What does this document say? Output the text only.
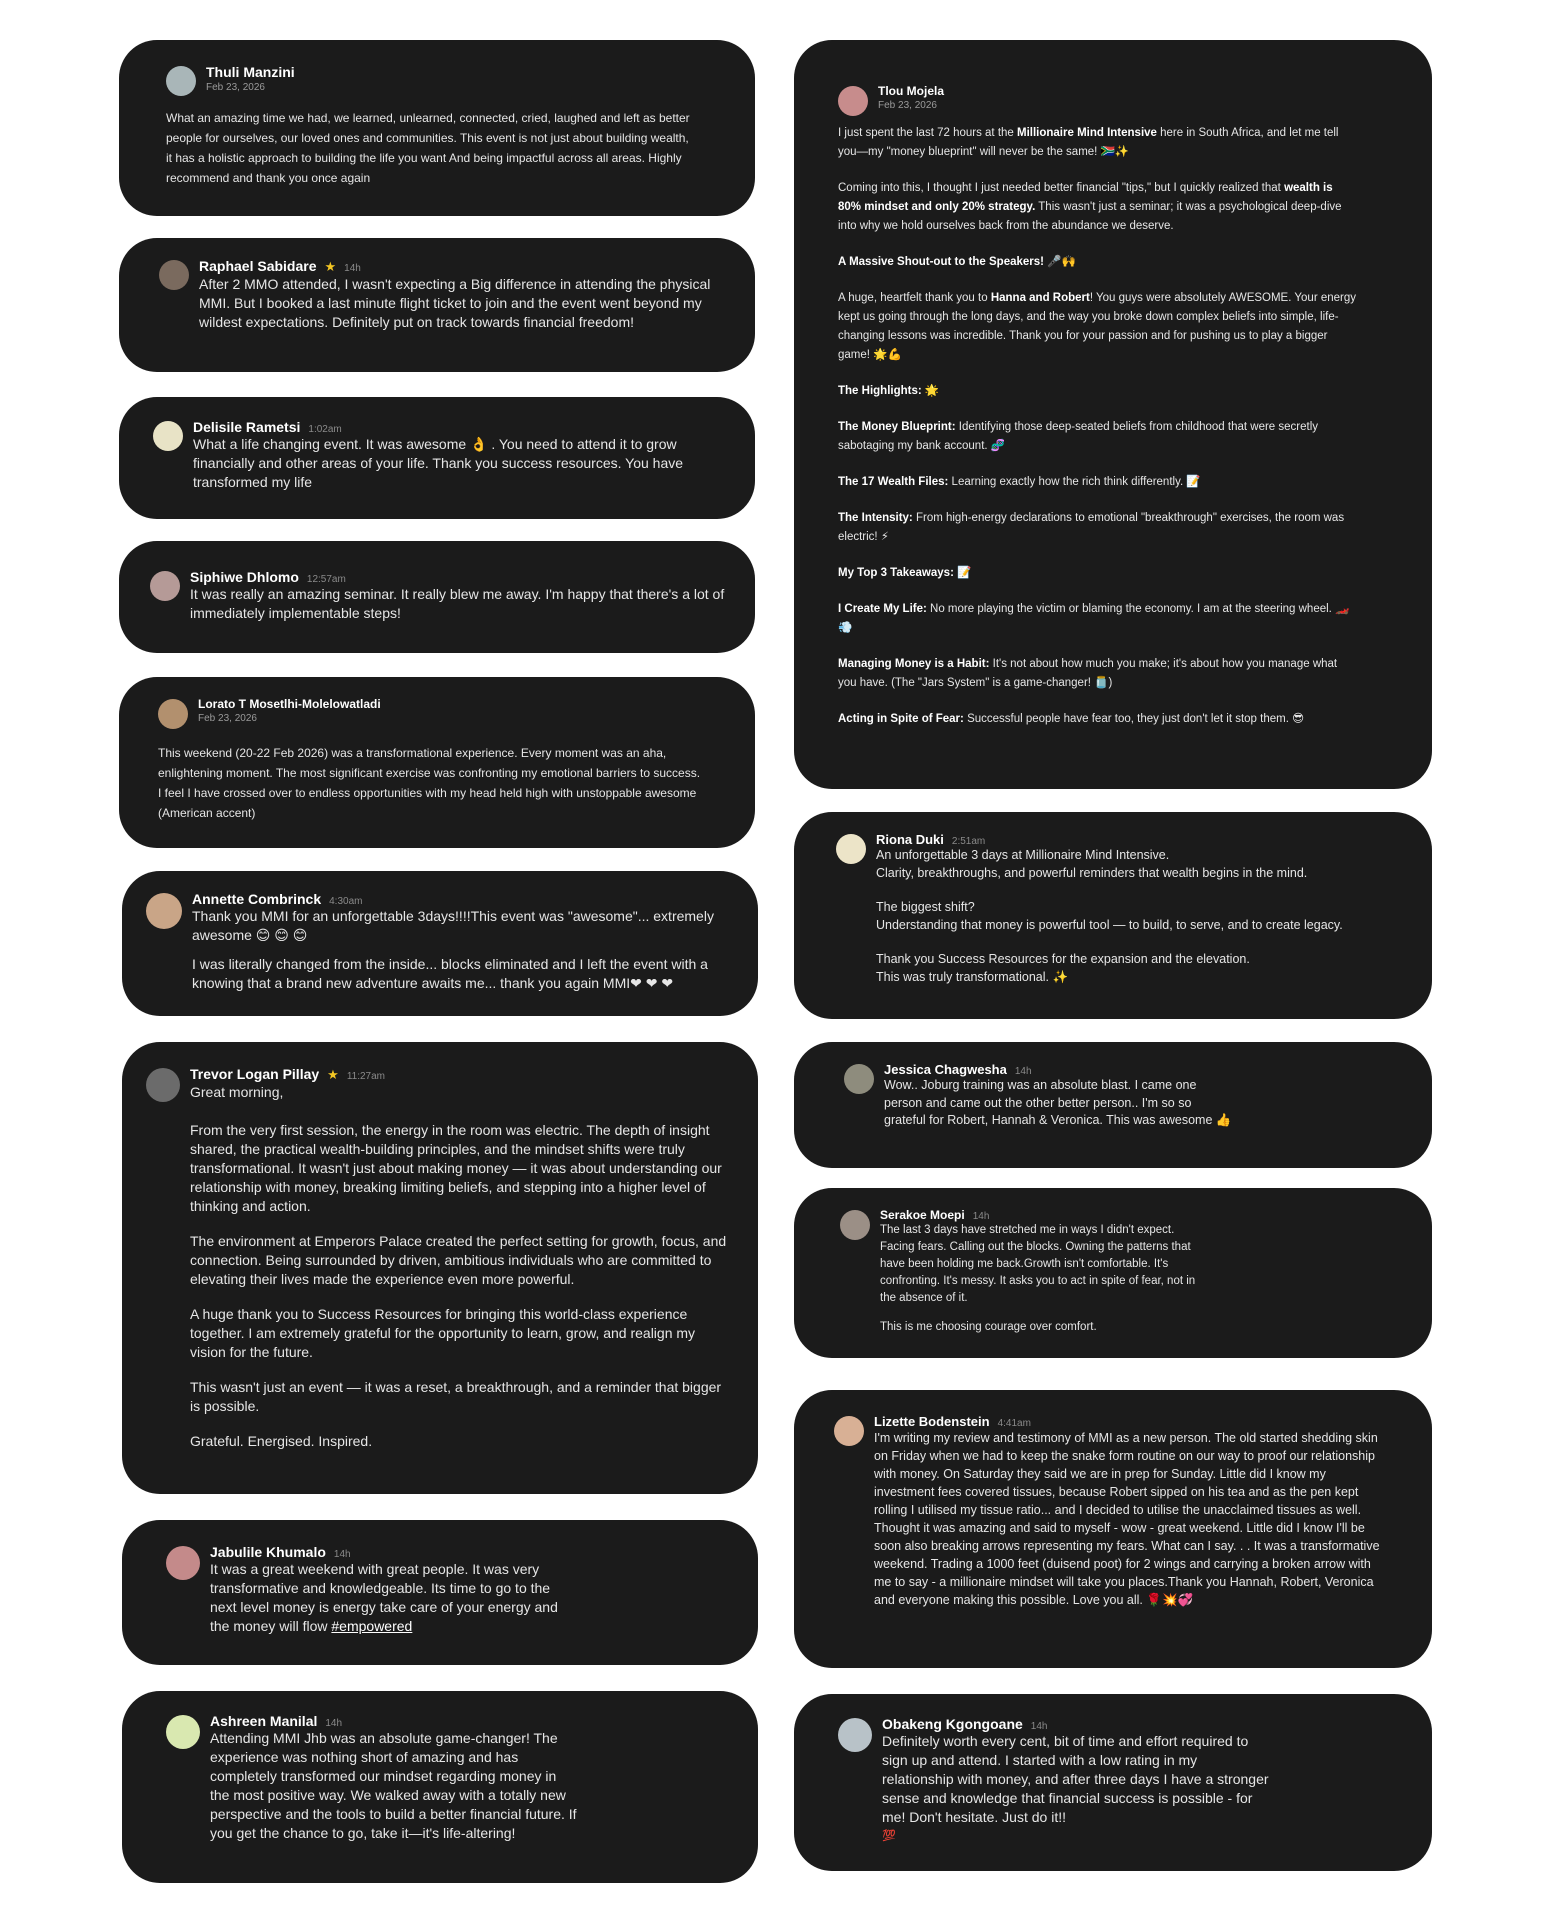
Thuli Manzini
Feb 23, 2026
What an amazing time we had, we learned, unlearned, connected, cried, laughed and left as better people for ourselves, our loved ones and communities. This event is not just about building wealth, it has a holistic approach to building the life you want And being impactful across all areas. Highly recommend and thank you once again
Raphael Sabidare ★ 14h
After 2 MMO attended, I wasn't expecting a Big difference in attending the physical MMI. But I booked a last minute flight ticket to join and the event went beyond my wildest expectations. Definitely put on track towards financial freedom!
Delisile Rametsi 1:02am
What a life changing event. It was awesome 👌 . You need to attend it to grow financially and other areas of your life. Thank you success resources. You have transformed my life
Siphiwe Dhlomo 12:57am
It was really an amazing seminar. It really blew me away. I'm happy that there's a lot of immediately implementable steps!
Lorato T Mosetlhi-Molelowatladi
Feb 23, 2026
This weekend (20-22 Feb 2026) was a transformational experience. Every moment was an aha, enlightening moment. The most significant exercise was confronting my emotional barriers to success. I feel I have crossed over to endless opportunities with my head held high with unstoppable awesome (American accent)
Annette Combrinck 4:30am
Thank you MMI for an unforgettable 3days!!!!This event was "awesome"... extremely awesome 😊 😊 😊
I was literally changed from the inside... blocks eliminated and I left the event with a knowing that a brand new adventure awaits me... thank you again MMI❤ ❤ ❤
Trevor Logan Pillay ★ 11:27am
Great morning,

From the very first session, the energy in the room was electric. The depth of insight shared, the practical wealth-building principles, and the mindset shifts were truly transformational. It wasn't just about making money — it was about understanding our relationship with money, breaking limiting beliefs, and stepping into a higher level of thinking and action.

The environment at Emperors Palace created the perfect setting for growth, focus, and connection. Being surrounded by driven, ambitious individuals who are committed to elevating their lives made the experience even more powerful.

A huge thank you to Success Resources for bringing this world-class experience together. I am extremely grateful for the opportunity to learn, grow, and realign my vision for the future.

This wasn't just an event — it was a reset, a breakthrough, and a reminder that bigger is possible.

Grateful. Energised. Inspired.

Jabulile Khumalo 14h
It was a great weekend with great people. It was very transformative and knowledgeable. Its time to go to the next level money is energy take care of your energy and the money will flow #empowered
Ashreen Manilal 14h
Attending MMI Jhb was an absolute game-changer! The experience was nothing short of amazing and has completely transformed our mindset regarding money in the most positive way. We walked away with a totally new perspective and the tools to build a better financial future. If you get the chance to go, take it—it's life-altering!
Tlou Mojela
Feb 23, 2026

I just spent the last 72 hours at the Millionaire Mind Intensive here in South Africa, and let me tell you—my "money blueprint" will never be the same! 🇿🇦✨

Coming into this, I thought I just needed better financial "tips," but I quickly realized that wealth is 80% mindset and only 20% strategy. This wasn't just a seminar; it was a psychological deep-dive into why we hold ourselves back from the abundance we deserve.

A Massive Shout-out to the Speakers! 🎤🙌

A huge, heartfelt thank you to Hanna and Robert! You guys were absolutely AWESOME. Your energy kept us going through the long days, and the way you broke down complex beliefs into simple, life-changing lessons was incredible. Thank you for your passion and for pushing us to play a bigger game! 🌟💪

The Highlights: 🌟

The Money Blueprint: Identifying those deep-seated beliefs from childhood that were secretly sabotaging my bank account. 🧬

The 17 Wealth Files: Learning exactly how the rich think differently. 📝

The Intensity: From high-energy declarations to emotional "breakthrough" exercises, the room was electric! ⚡

My Top 3 Takeaways: 📝

I Create My Life: No more playing the victim or blaming the economy. I am at the steering wheel. 🏎️💨

Managing Money is a Habit: It's not about how much you make; it's about how you manage what you have. (The "Jars System" is a game-changer! 🫙)

Acting in Spite of Fear: Successful people have fear too, they just don't let it stop them. 😎

Riona Duki 2:51am
An unforgettable 3 days at Millionaire Mind Intensive.
Clarity, breakthroughs, and powerful reminders that wealth begins in the mind.
The biggest shift?
Understanding that money is powerful tool — to build, to serve, and to create legacy.
Thank you Success Resources for the expansion and the elevation.
This was truly transformational. ✨
Jessica Chagwesha 14h
Wow.. Joburg training was an absolute blast. I came one person and came out the other better person.. I'm so so grateful for Robert, Hannah & Veronica. This was awesome 👍
Serakoe Moepi 14h
The last 3 days have stretched me in ways I didn't expect. Facing fears. Calling out the blocks. Owning the patterns that have been holding me back.Growth isn't comfortable. It's confronting. It's messy. It asks you to act in spite of fear, not in the absence of it.
This is me choosing courage over comfort.
Lizette Bodenstein 4:41am
I'm writing my review and testimony of MMI as a new person. The old started shedding skin on Friday when we had to keep the snake form routine on our way to proof our relationship with money. On Saturday they said we are in prep for Sunday. Little did I know my investment fees covered tissues, because Robert sipped on his tea and as the pen kept rolling I utilised my tissue ratio... and I decided to utilise the unacclaimed tissues as well. Thought it was amazing and said to myself - wow - great weekend. Little did I know I'll be soon also breaking arrows representing my fears. What can I say. . . It was a transformative weekend. Trading a 1000 feet (duisend poot) for 2 wings and carrying a broken arrow with me to say - a millionaire mindset will take you places.Thank you Hannah, Robert, Veronica and everyone making this possible. Love you all. 🌹💥💞
Obakeng Kgongoane 14h
Definitely worth every cent, bit of time and effort required to sign up and attend. I started with a low rating in my relationship with money, and after three days I have a stronger sense and knowledge that financial success is possible - for me! Don't hesitate. Just do it!!
💯
